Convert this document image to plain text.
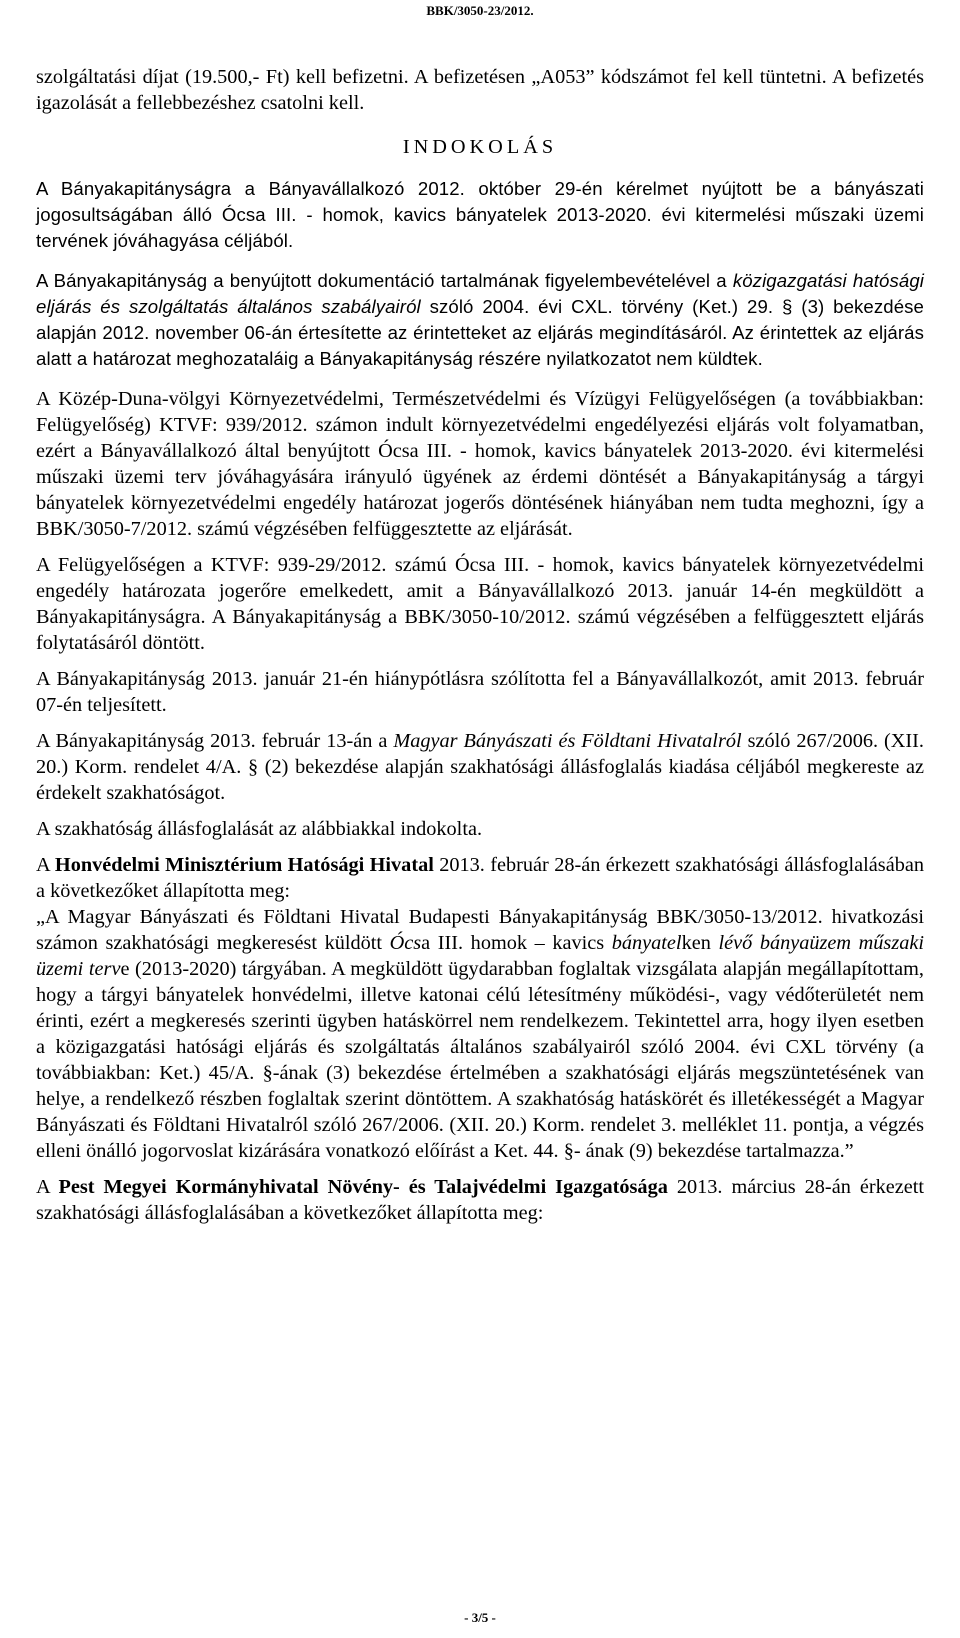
BBK/3050-23/2012.

szolgáltatási díjat (19.500,- Ft) kell befizetni. A befizetésen „A053” kódszámot fel kell tüntetni. A befizetés igazolását a fellebbezéshez csatolni kell.

INDOKOLÁS

A Bányakapitányságra a Bányavállalkozó 2012. október 29-én kérelmet nyújtott be a bányászati jogosultságában álló Ócsa III. - homok, kavics bányatelek 2013-2020. évi kitermelési műszaki üzemi tervének jóváhagyása céljából.

A Bányakapitányság a benyújtott dokumentáció tartalmának figyelembevételével a közigazgatási hatósági eljárás és szolgáltatás általános szabályairól szóló 2004. évi CXL. törvény (Ket.) 29. § (3) bekezdése alapján 2012. november 06-án értesítette az érintetteket az eljárás megindításáról. Az érintettek az eljárás alatt a határozat meghozataláig a Bányakapitányság részére nyilatkozatot nem küldtek.

A Közép-Duna-völgyi Környezetvédelmi, Természetvédelmi és Vízügyi Felügyelőségen (a továbbiakban: Felügyelőség) KTVF: 939/2012. számon indult környezetvédelmi engedélyezési eljárás volt folyamatban, ezért a Bányavállalkozó által benyújtott Ócsa III. - homok, kavics bányatelek 2013-2020. évi kitermelési műszaki üzemi terv jóváhagyására irányuló ügyének az érdemi döntését a Bányakapitányság a tárgyi bányatelek környezetvédelmi engedély határozat jogerős döntésének hiányában nem tudta meghozni, így a BBK/3050-7/2012. számú végzésében felfüggesztette az eljárását.

A Felügyelőségen a KTVF: 939-29/2012. számú Ócsa III. - homok, kavics bányatelek környezetvédelmi engedély határozata jogerőre emelkedett, amit a Bányavállalkozó 2013. január 14-én megküldött a Bányakapitányságra. A Bányakapitányság a BBK/3050-10/2012. számú végzésében a felfüggesztett eljárás folytatásáról döntött.

A Bányakapitányság 2013. január 21-én hiánypótlásra szólította fel a Bányavállalkozót, amit 2013. február 07-én teljesített.

A Bányakapitányság 2013. február 13-án a Magyar Bányászati és Földtani Hivatalról szóló 267/2006. (XII. 20.) Korm. rendelet 4/A. § (2) bekezdése alapján szakhatósági állásfoglalás kiadása céljából megkereste az érdekelt szakhatóságot.

A szakhatóság állásfoglalását az alábbiakkal indokolta.

A Honvédelmi Minisztérium Hatósági Hivatal 2013. február 28-án érkezett szakhatósági állásfoglalásában a következőket állapította meg:
„A Magyar Bányászati és Földtani Hivatal Budapesti Bányakapitányság BBK/3050-13/2012. hivatkozási számon szakhatósági megkeresést küldött Ócsa III. homok – kavics bányatelken lévő bányaüzem műszaki üzemi terve (2013-2020) tárgyában. A megküldött ügydarabban foglaltak vizsgálata alapján megállapítottam, hogy a tárgyi bányatelek honvédelmi, illetve katonai célú létesítmény működési-, vagy védőterületét nem érinti, ezért a megkeresés szerinti ügyben hatáskörrel nem rendelkezem. Tekintettel arra, hogy ilyen esetben a közigazgatási hatósági eljárás és szolgáltatás általános szabályairól szóló 2004. évi CXL törvény (a továbbiakban: Ket.) 45/A. §-ának (3) bekezdése értelmében a szakhatósági eljárás megszüntetésének van helye, a rendelkező részben foglaltak szerint döntöttem. A szakhatóság hatáskörét és illetékességét a Magyar Bányászati és Földtani Hivatalról szóló 267/2006. (XII. 20.) Korm. rendelet 3. melléklet 11. pontja, a végzés elleni önálló jogorvoslat kizárására vonatkozó előírást a Ket. 44. §- ának (9) bekezdése tartalmazza.”

A Pest Megyei Kormányhivatal Növény- és Talajvédelmi Igazgatósága 2013. március 28-án érkezett szakhatósági állásfoglalásában a következőket állapította meg:

- 3/5 -
